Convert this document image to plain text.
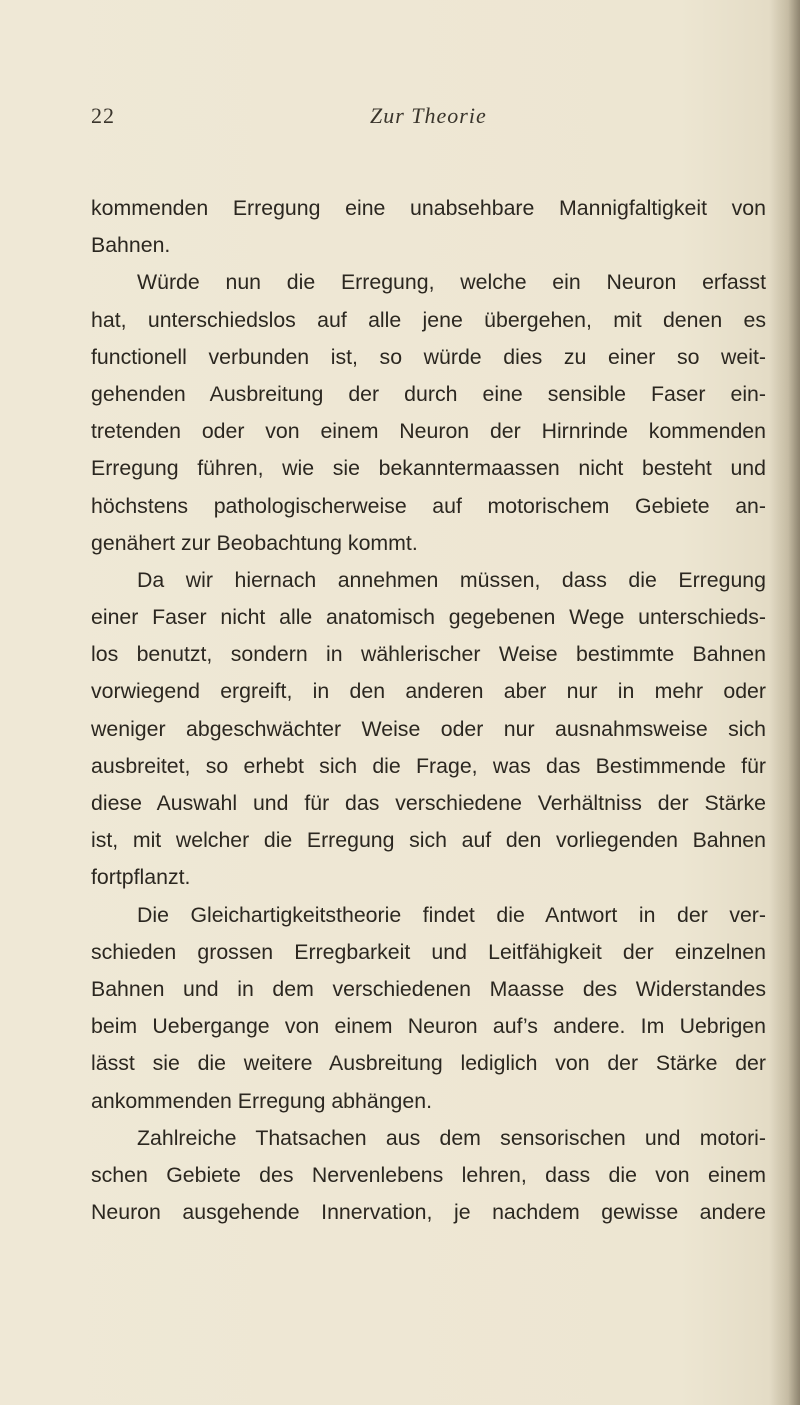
22	Zur Theorie
kommenden Erregung eine unabsehbare Mannigfaltigkeit von
Bahnen.
Würde nun die Erregung, welche ein Neuron erfasst
hat, unterschiedslos auf alle jene übergehen, mit denen es
functionell verbunden ist, so würde dies zu einer so weit-
gehenden Ausbreitung der durch eine sensible Faser ein-
tretenden oder von einem Neuron der Hirnrinde kommenden
Erregung führen, wie sie bekanntermaassen nicht besteht und
höchstens pathologischerweise auf motorischem Gebiete an-
genähert zur Beobachtung kommt.
Da wir hiernach annehmen müssen, dass die Erregung
einer Faser nicht alle anatomisch gegebenen Wege unterschieds-
los benutzt, sondern in wählerischer Weise bestimmte Bahnen
vorwiegend ergreift, in den anderen aber nur in mehr oder
weniger abgeschwächter Weise oder nur ausnahmsweise sich
ausbreitet, so erhebt sich die Frage, was das Bestimmende für
diese Auswahl und für das verschiedene Verhältniss der Stärke
ist, mit welcher die Erregung sich auf den vorliegenden Bahnen
fortpflanzt.
Die Gleichartigkeitstheorie findet die Antwort in der ver-
schieden grossen Erregbarkeit und Leitfähigkeit der einzelnen
Bahnen und in dem verschiedenen Maasse des Widerstandes
beim Uebergange von einem Neuron auf’s andere. Im Uebrigen
lässt sie die weitere Ausbreitung lediglich von der Stärke der
ankommenden Erregung abhängen.
Zahlreiche Thatsachen aus dem sensorischen und motori-
schen Gebiete des Nervenlebens lehren, dass die von einem
Neuron ausgehende Innervation, je nachdem gewisse andere
